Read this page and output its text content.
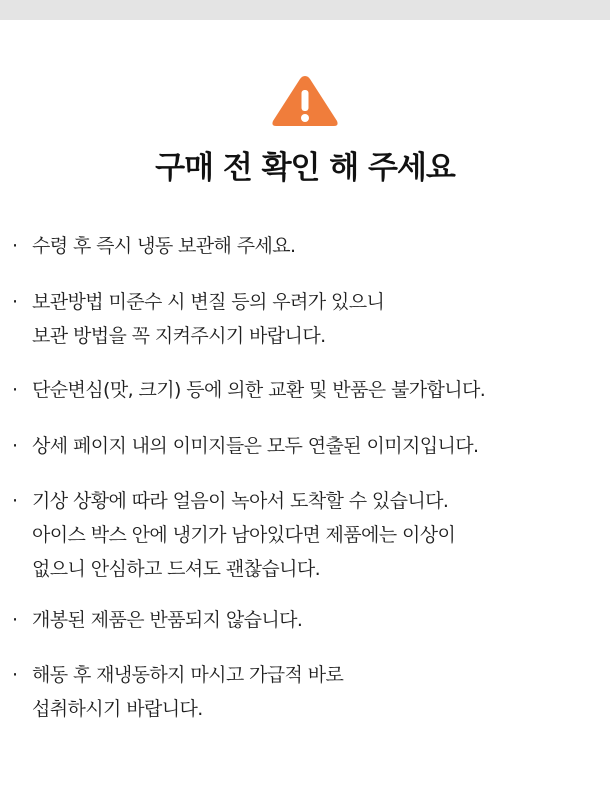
구매 전 확인 해 주세요
· 수령 후 즉시 냉동 보관해 주세요.
· 보관방법 미준수 시 변질 등의 우려가 있으니
보관 방법을 꼭 지켜주시기 바랍니다.
· 단순변심(맛, 크기) 등에 의한 교환 및 반품은 불가합니다.
· 상세 페이지 내의 이미지들은 모두 연출된 이미지입니다.
· 기상 상황에 따라 얼음이 녹아서 도착할 수 있습니다.
아이스 박스 안에 냉기가 남아있다면 제품에는 이상이
없으니 안심하고 드셔도 괜찮습니다.
· 개봉된 제품은 반품되지 않습니다.
· 해동 후 재냉동하지 마시고 가급적 바로
섭취하시기 바랍니다.
